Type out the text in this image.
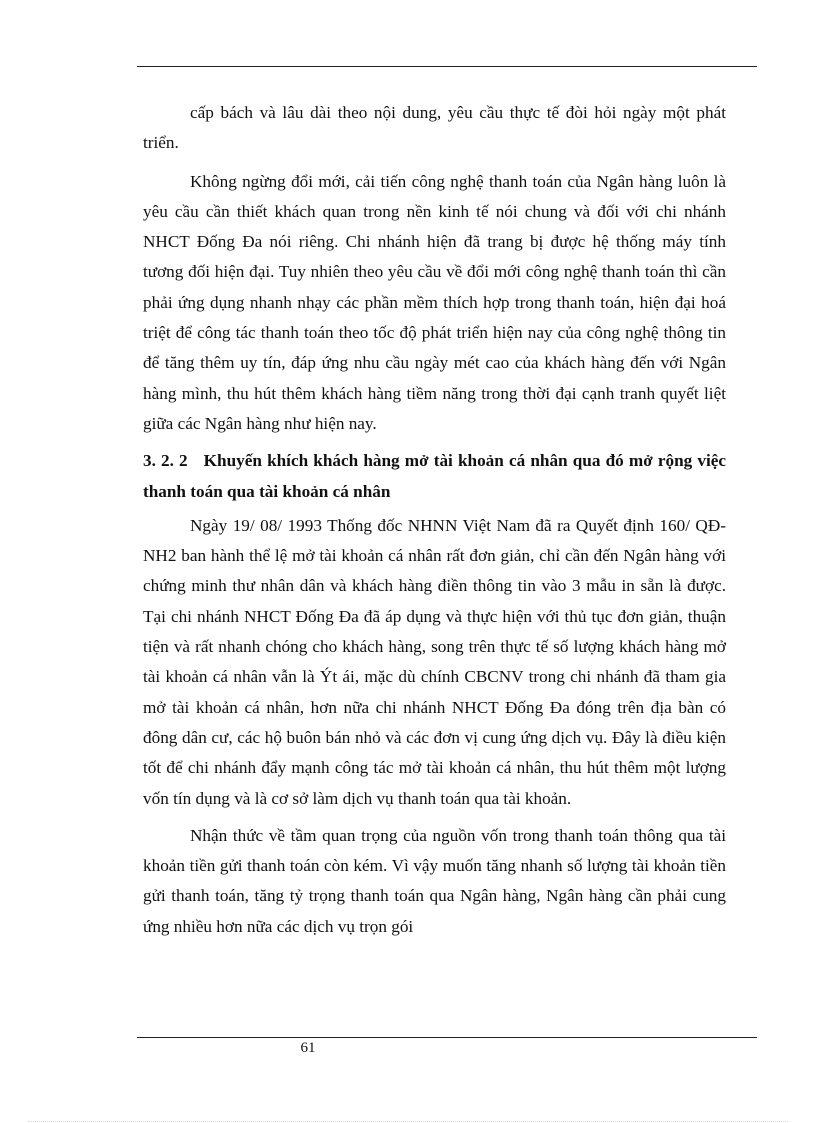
cấp bách và lâu dài theo nội dung, yêu cầu thực tế đòi hỏi ngày một phát triển.

Không ngừng đổi mới, cải tiến công nghệ thanh toán của Ngân hàng luôn là yêu cầu cần thiết khách quan trong nền kinh tế nói chung và đối với chi nhánh NHCT Đống Đa nói riêng. Chi nhánh hiện đã trang bị được hệ thống máy tính tương đối hiện đại. Tuy nhiên theo yêu cầu về đổi mới công nghệ thanh toán thì cần phải ứng dụng nhanh nhạy các phần mềm thích hợp trong thanh toán, hiện đại hoá triệt để công tác thanh toán theo tốc độ phát triển hiện nay của công nghệ thông tin để tăng thêm uy tín, đáp ứng nhu cầu ngày mét cao của khách hàng đến với Ngân hàng mình, thu hút thêm khách hàng tiềm năng trong thời đại cạnh tranh quyết liệt giữa các Ngân hàng như hiện nay.

3. 2. 2 Khuyến khích khách hàng mở tài khoản cá nhân qua đó mở rộng việc thanh toán qua tài khoản cá nhân

Ngày 19/ 08/ 1993 Thống đốc NHNN Việt Nam đã ra Quyết định 160/ QĐ-NH2 ban hành thể lệ mở tài khoản cá nhân rất đơn giản, chỉ cần đến Ngân hàng với chứng minh thư nhân dân và khách hàng điền thông tin vào 3 mẫu in sẵn là được. Tại chi nhánh NHCT Đống Đa đã áp dụng và thực hiện với thủ tục đơn giản, thuận tiện và rất nhanh chóng cho khách hàng, song trên thực tế số lượng khách hàng mở tài khoản cá nhân vẫn là Ýt ái, mặc dù chính CBCNV trong chi nhánh đã tham gia mở tài khoản cá nhân, hơn nữa chi nhánh NHCT Đống Đa đóng trên địa bàn có đông dân cư, các hộ buôn bán nhỏ và các đơn vị cung ứng dịch vụ. Đây là điều kiện tốt để chi nhánh đẩy mạnh công tác mở tài khoản cá nhân, thu hút thêm một lượng vốn tín dụng và là cơ sở làm dịch vụ thanh toán qua tài khoản.

Nhận thức về tầm quan trọng của nguồn vốn trong thanh toán thông qua tài khoản tiền gửi thanh toán còn kém. Vì vậy muốn tăng nhanh số lượng tài khoản tiền gửi thanh toán, tăng tỷ trọng thanh toán qua Ngân hàng, Ngân hàng cần phải cung ứng nhiều hơn nữa các dịch vụ trọn gói

61
